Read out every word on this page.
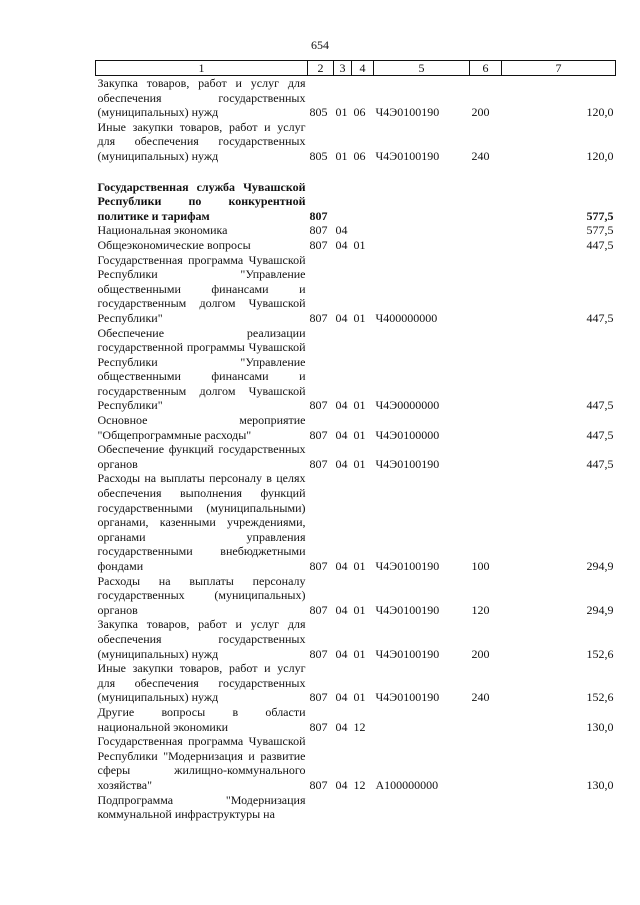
654
1	2	3	4	5	6	7
Закупка товаров, работ и услуг для обеспечения государственных (муниципальных) нужд	805	01	06	Ч4Э0100190	200	120,0
Иные закупки товаров, работ и услуг для обеспечения государственных (муниципальных) нужд	805	01	06	Ч4Э0100190	240	120,0

Государственная служба Чувашской Республики по конкурентной политике и тарифам	807					577,5
Национальная экономика	807	04				577,5
Общеэкономические вопросы	807	04	01			447,5
Государственная программа Чувашской Республики "Управление общественными финансами и государственным долгом Чувашской Республики"	807	04	01	Ч400000000		447,5
Обеспечение реализации государственной программы Чувашской Республики "Управление общественными финансами и государственным долгом Чувашской Республики"	807	04	01	Ч4Э0000000		447,5
Основное мероприятие "Общепрограммные расходы"	807	04	01	Ч4Э0100000		447,5
Обеспечение функций государственных органов	807	04	01	Ч4Э0100190		447,5
Расходы на выплаты персоналу в целях обеспечения выполнения функций государственными (муниципальными) органами, казенными учреждениями, органами управления государственными внебюджетными фондами	807	04	01	Ч4Э0100190	100	294,9
Расходы на выплаты персоналу государственных (муниципальных) органов	807	04	01	Ч4Э0100190	120	294,9
Закупка товаров, работ и услуг для обеспечения государственных (муниципальных) нужд	807	04	01	Ч4Э0100190	200	152,6
Иные закупки товаров, работ и услуг для обеспечения государственных (муниципальных) нужд	807	04	01	Ч4Э0100190	240	152,6
Другие вопросы в области национальной экономики	807	04	12			130,0
Государственная программа Чувашской Республики "Модернизация и развитие сферы жилищно-коммунального хозяйства"	807	04	12	А100000000		130,0
Подпрограмма "Модернизация коммунальной инфраструктуры на						
